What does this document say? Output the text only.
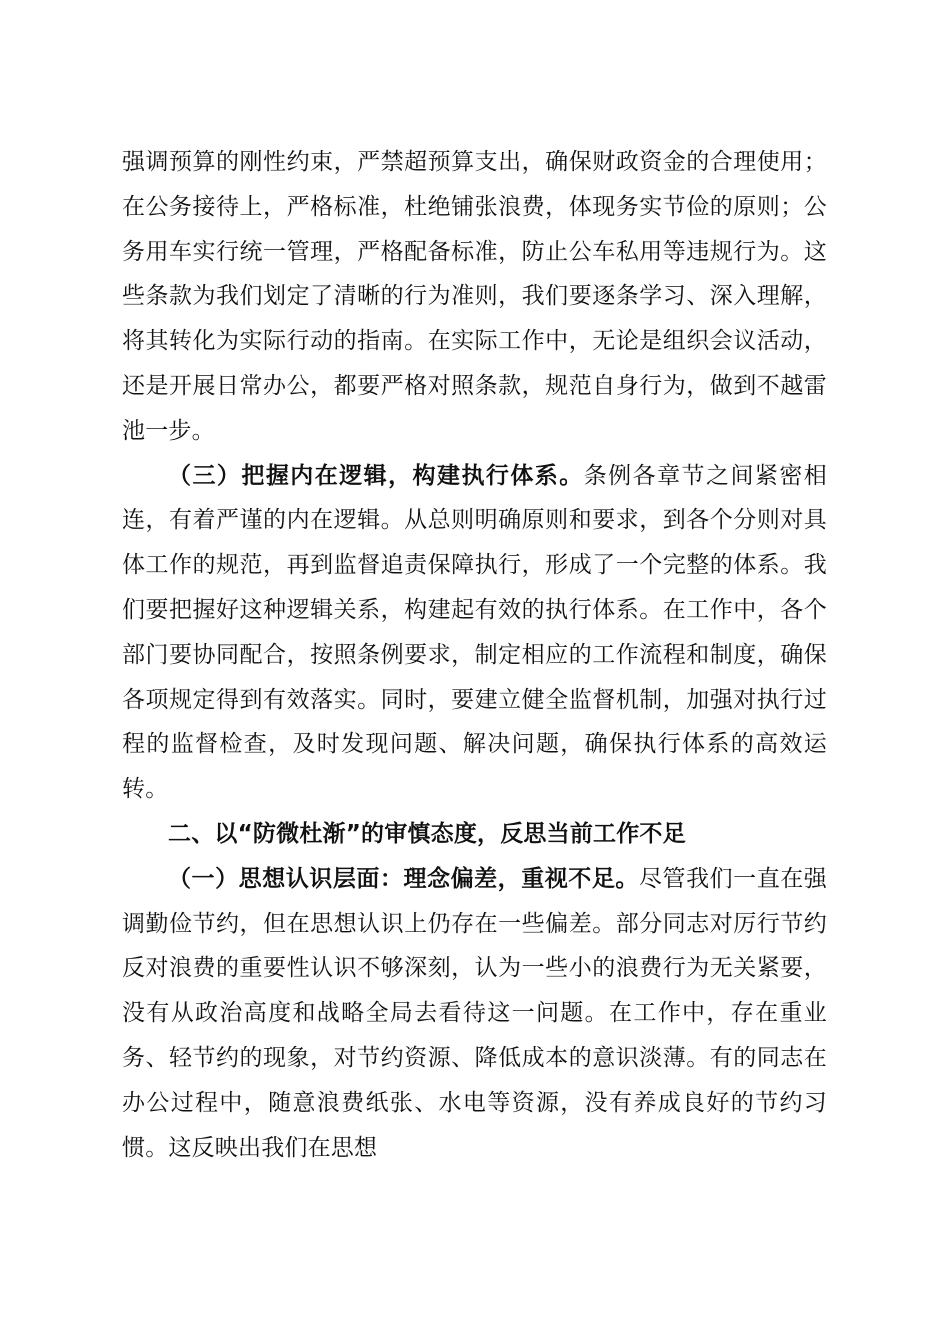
强调预算的刚性约束，严禁超预算支出，确保财政资金的合理使用；在公务接待上，严格标准，杜绝铺张浪费，体现务实节俭的原则；公务用车实行统一管理，严格配备标准，防止公车私用等违规行为。这些条款为我们划定了清晰的行为准则，我们要逐条学习、深入理解，将其转化为实际行动的指南。在实际工作中，无论是组织会议活动，还是开展日常办公，都要严格对照条款，规范自身行为，做到不越雷池一步。

（三）把握内在逻辑，构建执行体系。条例各章节之间紧密相连，有着严谨的内在逻辑。从总则明确原则和要求，到各个分则对具体工作的规范，再到监督追责保障执行，形成了一个完整的体系。我们要把握好这种逻辑关系，构建起有效的执行体系。在工作中，各个部门要协同配合，按照条例要求，制定相应的工作流程和制度，确保各项规定得到有效落实。同时，要建立健全监督机制，加强对执行过程的监督检查，及时发现问题、解决问题，确保执行体系的高效运转。

二、以“防微杜渐”的审慎态度，反思当前工作不足

（一）思想认识层面：理念偏差，重视不足。尽管我们一直在强调勤俭节约，但在思想认识上仍存在一些偏差。部分同志对厉行节约反对浪费的重要性认识不够深刻，认为一些小的浪费行为无关紧要，没有从政治高度和战略全局去看待这一问题。在工作中，存在重业务、轻节约的现象，对节约资源、降低成本的意识淡薄。有的同志在办公过程中，随意浪费纸张、水电等资源，没有养成良好的节约习惯。这反映出我们在思想
